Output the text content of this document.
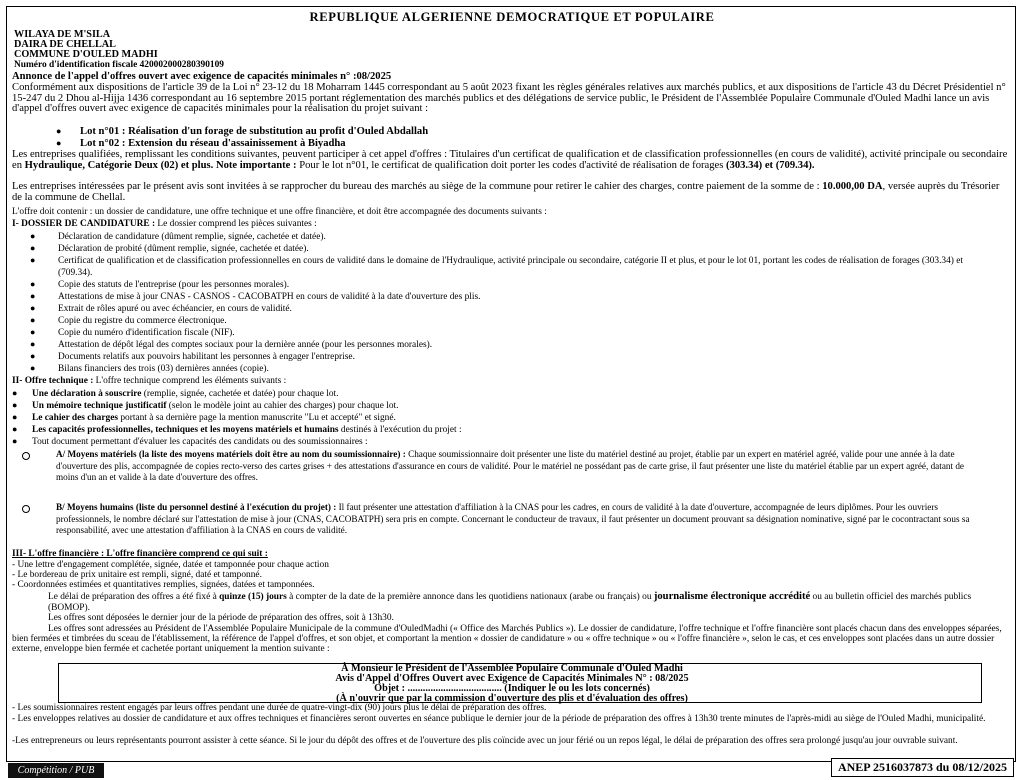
REPUBLIQUE ALGERIENNE DEMOCRATIQUE ET POPULAIRE
WILAYA DE M'SILA
DAIRA DE CHELLAL
COMMUNE D'OULED MADHI
Numéro d'identification fiscale 420002000280390109
Annonce de l'appel d'offres ouvert avec exigence de capacités minimales n° :08/2025
Conformément aux dispositions de l'article 39 de la Loi n° 23-12 du 18 Moharram 1445 correspondant au 5 août 2023 fixant les règles générales relatives aux marchés publics, et aux dispositions de l'article 43 du Décret Présidentiel n° 15-247 du 2 Dhou al-Hijja 1436 correspondant au 16 septembre 2015 portant réglementation des marchés publics et des délégations de service public, le Président de l'Assemblée Populaire Communale d'Ouled Madhi lance un avis d'appel d'offres ouvert avec exigence de capacités minimales pour la réalisation du projet suivant :
● Lot n°01 : Réalisation d'un forage de substitution au profit d'Ouled Abdallah
● Lot n°02 : Extension du réseau d'assainissement à Biyadha
Les entreprises qualifiées, remplissant les conditions suivantes, peuvent participer à cet appel d'offres : Titulaires d'un certificat de qualification et de classification professionnelles (en cours de validité), activité principale ou secondaire en Hydraulique, Catégorie Deux (02) et plus. Note importante : Pour le lot n°01, le certificat de qualification doit porter les codes d'activité de réalisation de forages (303.34) et (709.34).
Les entreprises intéressées par le présent avis sont invitées à se rapprocher du bureau des marchés au siège de la commune pour retirer le cahier des charges, contre paiement de la somme de : 10.000,00 DA, versée auprès du Trésorier de la commune de Chellal.
L'offre doit contenir : un dossier de candidature, une offre technique et une offre financière, et doit être accompagnée des documents suivants :
I- DOSSIER DE CANDIDATURE : Le dossier comprend les pièces suivantes :
● Déclaration de candidature (dûment remplie, signée, cachetée et datée).
● Déclaration de probité (dûment remplie, signée, cachetée et datée).
● Certificat de qualification et de classification professionnelles en cours de validité dans le domaine de l'Hydraulique, activité principale ou secondaire, catégorie II et plus, et pour le lot 01, portant les codes de réalisation de forages (303.34) et (709.34).
● Copie des statuts de l'entreprise (pour les personnes morales).
● Attestations de mise à jour CNAS - CASNOS - CACOBATPH en cours de validité à la date d'ouverture des plis.
● Extrait de rôles apuré ou avec échéancier, en cours de validité.
● Copie du registre du commerce électronique.
● Copie du numéro d'identification fiscale (NIF).
● Attestation de dépôt légal des comptes sociaux pour la dernière année (pour les personnes morales).
● Documents relatifs aux pouvoirs habilitant les personnes à engager l'entreprise.
● Bilans financiers des trois (03) dernières années (copie).
II- Offre technique : L'offre technique comprend les éléments suivants :
● Une déclaration à souscrire (remplie, signée, cachetée et datée) pour chaque lot.
● Un mémoire technique justificatif (selon le modèle joint au cahier des charges) pour chaque lot.
● Le cahier des charges portant à sa dernière page la mention manuscrite "Lu et accepté" et signé.
● Les capacités professionnelles, techniques et les moyens matériels et humains destinés à l'exécution du projet :
● Tout document permettant d'évaluer les capacités des candidats ou des soumissionnaires :
A/ Moyens matériels (la liste des moyens matériels doit être au nom du soumissionnaire) : Chaque soumissionnaire doit présenter une liste du matériel destiné au projet, établie par un expert en matériel agréé, valide pour une année à la date d'ouverture des plis, accompagnée de copies recto-verso des cartes grises + des attestations d'assurance en cours de validité. Pour le matériel ne possédant pas de carte grise, il faut présenter une liste du matériel établie par un expert agréé, datant de moins d'un an et valide à la date d'ouverture des offres.
B/ Moyens humains (liste du personnel destiné à l'exécution du projet) : Il faut présenter une attestation d'affiliation à la CNAS pour les cadres, en cours de validité à la date d'ouverture, accompagnée de leurs diplômes. Pour les ouvriers professionnels, le nombre déclaré sur l'attestation de mise à jour (CNAS, CACOBATPH) sera pris en compte. Concernant le conducteur de travaux, il faut présenter un document prouvant sa désignation nominative, signé par le cocontractant sous sa responsabilité, avec une attestation d'affiliation à la CNAS en cours de validité.
III- L'offre financière : L'offre financière comprend ce qui suit :
- Une lettre d'engagement complétée, signée, datée et tamponnée pour chaque action
- Le bordereau de prix unitaire est rempli, signé, daté et tamponné.
- Coordonnées estimées et quantitatives remplies, signées, datées et tamponnées.
Le délai de préparation des offres a été fixé à quinze (15) jours à compter de la date de la première annonce dans les quotidiens nationaux (arabe ou français) ou journalisme électronique accrédité ou au bulletin officiel des marchés publics (BOMOP).
Les offres sont déposées le dernier jour de la période de préparation des offres, soit à 13h30.
Les offres sont adressées au Président de l'Assemblée Populaire Municipale de la commune d'OuledMadhi (« Office des Marchés Publics »). Le dossier de candidature, l'offre technique et l'offre financière sont placés chacun dans des enveloppes séparées, bien fermées et timbrées du sceau de l'établissement, la référence de l'appel d'offres, et son objet, et comportant la mention « dossier de candidature » ou « offre technique » ou « l'offre financière », selon le cas, et ces enveloppes sont placées dans un autre dossier externe, enveloppe bien fermée et cachetée portant uniquement la mention suivante :
À Monsieur le Président de l'Assemblée Populaire Communale d'Ouled Madhi
Avis d'Appel d'Offres Ouvert avec Exigence de Capacités Minimales N° : 08/2025
Objet : ..................................... (Indiquer le ou les lots concernés)
(À n'ouvrir que par la commission d'ouverture des plis et d'évaluation des offres)
- Les soumissionnaires restent engagés par leurs offres pendant une durée de quatre-vingt-dix (90) jours plus le délai de préparation des offres.
- Les enveloppes relatives au dossier de candidature et aux offres techniques et financières seront ouvertes en séance publique le dernier jour de la période de préparation des offres à 13h30 trente minutes de l'après-midi au siège de l'Ouled Madhi, municipalité.
-Les entrepreneurs ou leurs représentants pourront assister à cette séance. Si le jour du dépôt des offres et de l'ouverture des plis coïncide avec un jour férié ou un repos légal, le délai de préparation des offres sera prolongé jusqu'au jour ouvrable suivant.
Compétition / PUB	ANEP 2516037873 du 08/12/2025
